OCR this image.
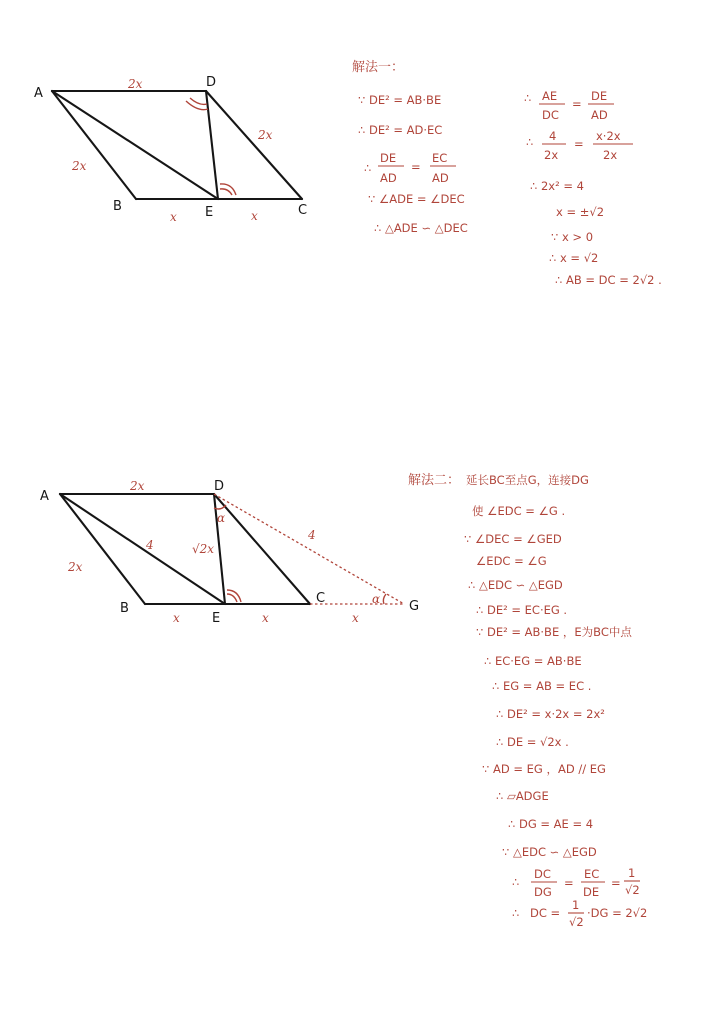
A
D
B	E	C
2x
2x
2x
x	x
解法一：
∵ DE² = AB·BE
∴ DE² = AD·EC
∴
DE
AD
=
EC
AD
∵ ∠ADE = ∠DEC
∴ △ADE ∽ △DEC
∴ AE
DC
=
DE
AD
∴ 4
2x
=
x·2x
2x
∴ 2x² = 4
x = ±√2
∵ x > 0
∴ x = √2
∴ AB = DC = 2√2 .
A
D
B
E
C
G
2x
2x
4	√2x
4
x	x	x
α
α
解法二： 延长BC至点G，连接DG
使 ∠EDC = ∠G .
∵ ∠DEC = ∠GED
∠EDC = ∠G
∴ △EDC ∽ △EGD
∴ DE² = EC·EG .
∵ DE² = AB·BE ，E为BC中点
∴ EC·EG = AB·BE
∴ EG = AB = EC .
∴ DE² = x·2x = 2x²
∴ DE = √2x .
∵ AD = EG ，AD // EG
∴ ▱ADGE
∴ DG = AE = 4
∵ △EDC ∽ △EGD
∴
DC
DG
=
EC
DE
=
1
√2
∴ DC =
1
√2
·DG = 2√2
